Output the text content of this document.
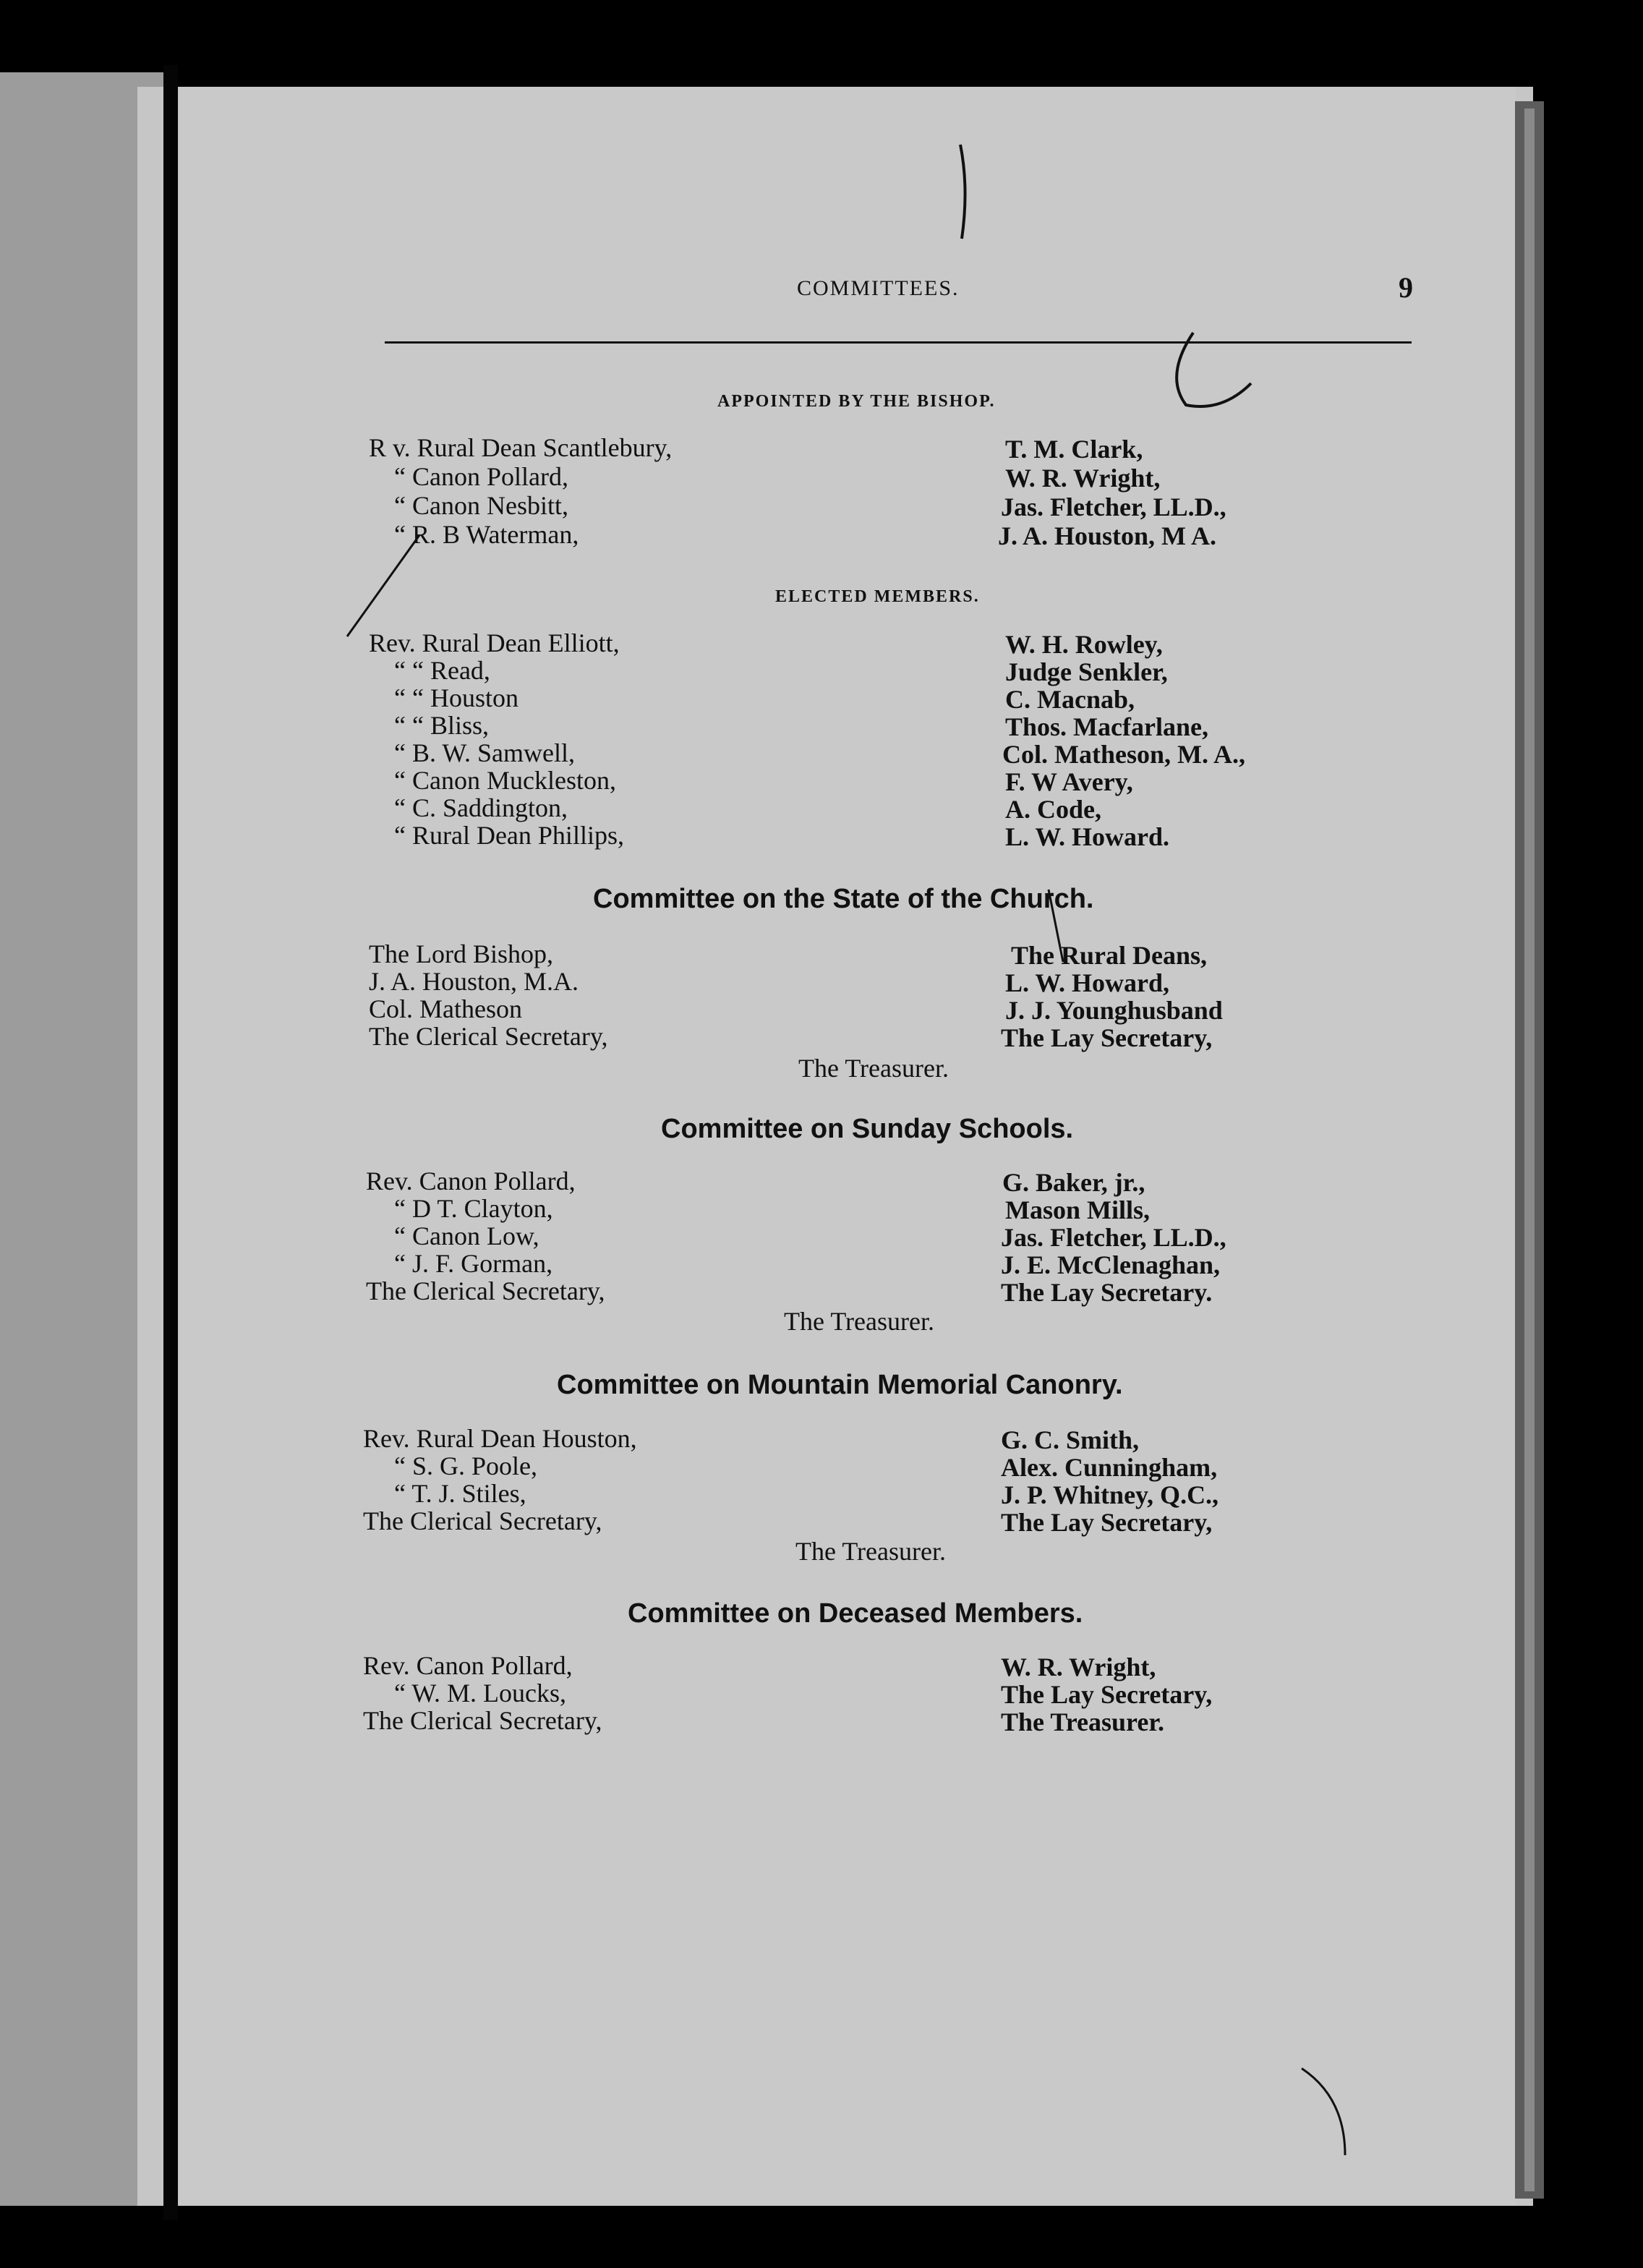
COMMITTEES.	9
APPOINTED BY THE BISHOP.
R v. Rural Dean Scantlebury,
“ Canon Pollard,
“ Canon Nesbitt,
“ R. B Waterman,
T. M. Clark,
W. R. Wright,
Jas. Fletcher, LL.D.,
J. A. Houston, M A.
ELECTED MEMBERS.
Rev. Rural Dean Elliott,
“ “ Read,
“ “ Houston
“ “ Bliss,
“ B. W. Samwell,
“ Canon Muckleston,
“ C. Saddington,
“ Rural Dean Phillips,
W. H. Rowley,
Judge Senkler,
C. Macnab,
Thos. Macfarlane,
Col. Matheson, M. A.,
F. W Avery,
A. Code,
L. W. Howard.
Committee on the State of the Church.
The Lord Bishop,
J. A. Houston, M.A.
Col. Matheson
The Clerical Secretary,
The Rural Deans,
L. W. Howard,
J. J. Younghusband
The Lay Secretary,
The Treasurer.
Committee on Sunday Schools.
Rev. Canon Pollard,
“ D T. Clayton,
“ Canon Low,
“ J. F. Gorman,
The Clerical Secretary,
G. Baker, jr.,
Mason Mills,
Jas. Fletcher, LL.D.,
J. E. McClenaghan,
The Lay Secretary.
The Treasurer.
Committee on Mountain Memorial Canonry.
Rev. Rural Dean Houston,
“ S. G. Poole,
“ T. J. Stiles,
The Clerical Secretary,
G. C. Smith,
Alex. Cunningham,
J. P. Whitney, Q.C.,
The Lay Secretary,
The Treasurer.
Committee on Deceased Members.
Rev. Canon Pollard,
“ W. M. Loucks,
The Clerical Secretary,
W. R. Wright,
The Lay Secretary,
The Treasurer.
